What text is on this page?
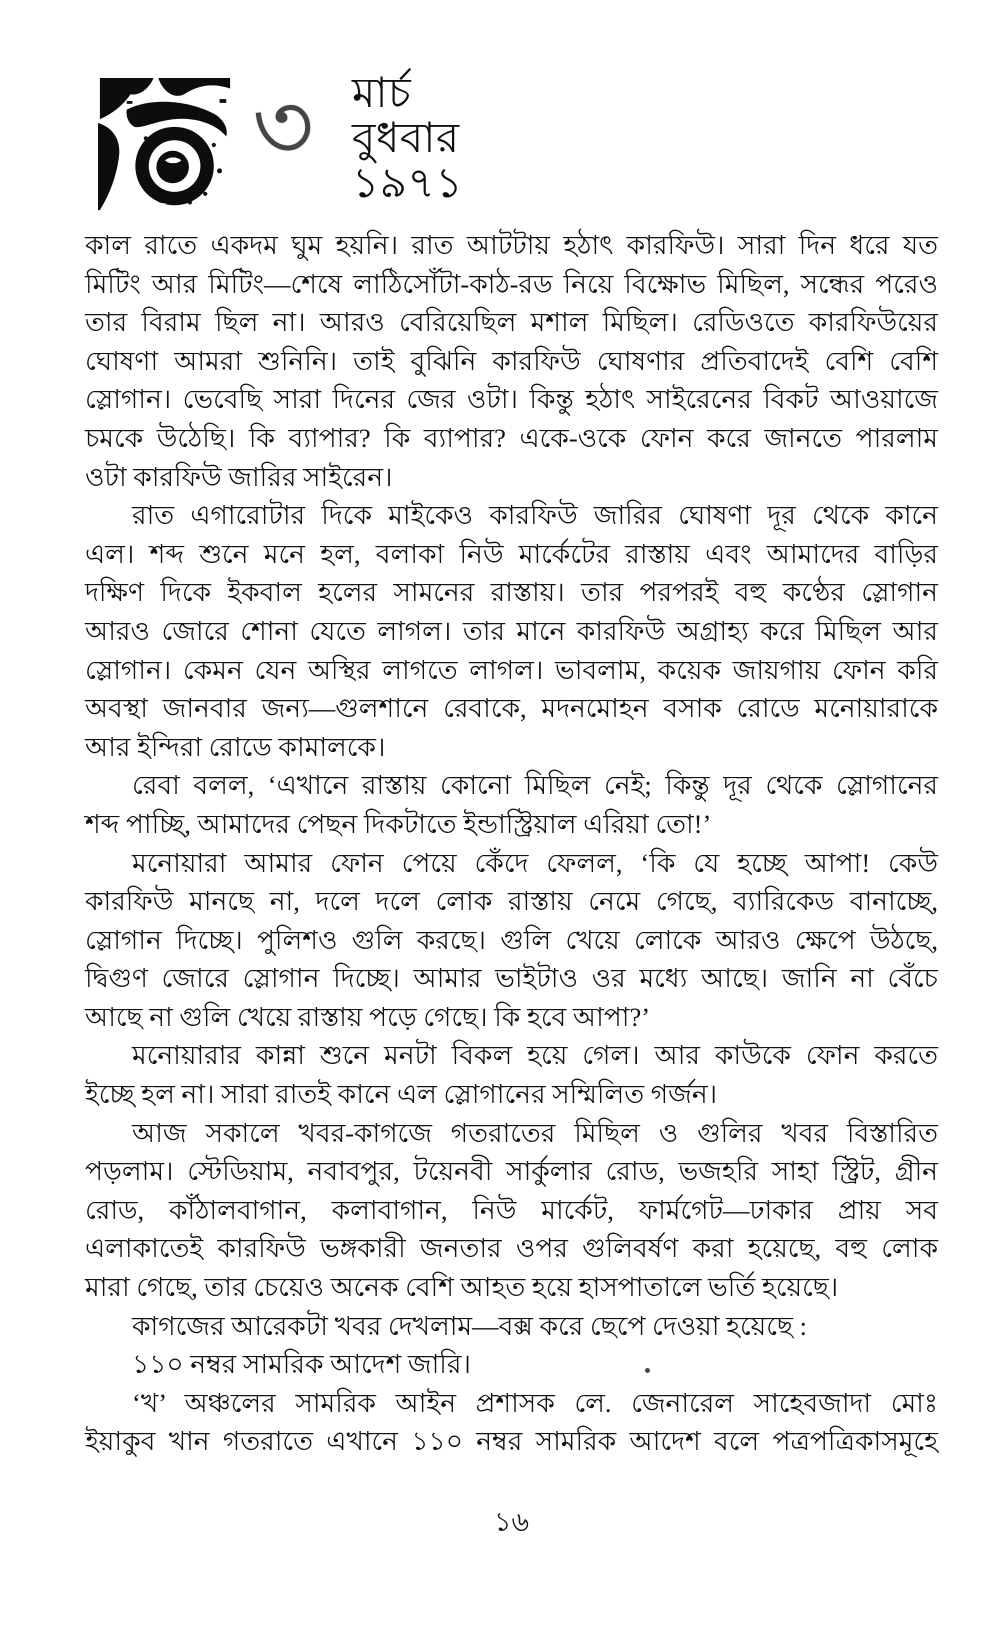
৩ মার্চ
বুধবার
১৯৭১
কাল রাতে একদম ঘুম হয়নি। রাত আটটায় হঠাৎ কারফিউ। সারা দিন ধরে যত
মিটিং আর মিটিং—শেষে লাঠিসোঁটা-কাঠ-রড নিয়ে বিক্ষোভ মিছিল, সন্ধের পরেও
তার বিরাম ছিল না। আরও বেরিয়েছিল মশাল মিছিল। রেডিওতে কারফিউয়ের
ঘোষণা আমরা শুনিনি। তাই বুঝিনি কারফিউ ঘোষণার প্রতিবাদেই বেশি বেশি
স্লোগান। ভেবেছি সারা দিনের জের ওটা। কিন্তু হঠাৎ সাইরেনের বিকট আওয়াজে
চমকে উঠেছি। কি ব্যাপার? কি ব্যাপার? একে-ওকে ফোন করে জানতে পারলাম
ওটা কারফিউ জারির সাইরেন।
রাত এগারোটার দিকে মাইকেও কারফিউ জারির ঘোষণা দূর থেকে কানে
এল। শব্দ শুনে মনে হল, বলাকা নিউ মার্কেটের রাস্তায় এবং আমাদের বাড়ির
দক্ষিণ দিকে ইকবাল হলের সামনের রাস্তায়। তার পরপরই বহু কণ্ঠের স্লোগান
আরও জোরে শোনা যেতে লাগল। তার মানে কারফিউ অগ্রাহ্য করে মিছিল আর
স্লোগান। কেমন যেন অস্থির লাগতে লাগল। ভাবলাম, কয়েক জায়গায় ফোন করি
অবস্থা জানবার জন্য—গুলশানে রেবাকে, মদনমোহন বসাক রোডে মনোয়ারাকে
আর ইন্দিরা রোডে কামালকে।
রেবা বলল, ‘এখানে রাস্তায় কোনো মিছিল নেই; কিন্তু দূর থেকে স্লোগানের
শব্দ পাচ্ছি, আমাদের পেছন দিকটাতে ইন্ডাস্ট্রিয়াল এরিয়া তো!’
মনোয়ারা আমার ফোন পেয়ে কেঁদে ফেলল, ‘কি যে হচ্ছে আপা! কেউ
কারফিউ মানছে না, দলে দলে লোক রাস্তায় নেমে গেছে, ব্যারিকেড বানাচ্ছে,
স্লোগান দিচ্ছে। পুলিশও গুলি করছে। গুলি খেয়ে লোকে আরও ক্ষেপে উঠছে,
দ্বিগুণ জোরে স্লোগান দিচ্ছে। আমার ভাইটাও ওর মধ্যে আছে। জানি না বেঁচে
আছে না গুলি খেয়ে রাস্তায় পড়ে গেছে। কি হবে আপা?’
মনোয়ারার কান্না শুনে মনটা বিকল হয়ে গেল। আর কাউকে ফোন করতে
ইচ্ছে হল না। সারা রাতই কানে এল স্লোগানের সম্মিলিত গর্জন।
আজ সকালে খবর-কাগজে গতরাতের মিছিল ও গুলির খবর বিস্তারিত
পড়লাম। স্টেডিয়াম, নবাবপুর, টয়েনবী সার্কুলার রোড, ভজহরি সাহা স্ট্রিট, গ্রীন
রোড, কাঁঠালবাগান, কলাবাগান, নিউ মার্কেট, ফার্মগেট—ঢাকার প্রায় সব
এলাকাতেই কারফিউ ভঙ্গকারী জনতার ওপর গুলিবর্ষণ করা হয়েছে, বহু লোক
মারা গেছে, তার চেয়েও অনেক বেশি আহত হয়ে হাসপাতালে ভর্তি হয়েছে।
কাগজের আরেকটা খবর দেখলাম—বক্স করে ছেপে দেওয়া হয়েছে :
১১০ নম্বর সামরিক আদেশ জারি।
‘খ’ অঞ্চলের সামরিক আইন প্রশাসক লে. জেনারেল সাহেবজাদা মোঃ
ইয়াকুব খান গতরাতে এখানে ১১০ নম্বর সামরিক আদেশ বলে পত্রপত্রিকাসমূহে
১৬
